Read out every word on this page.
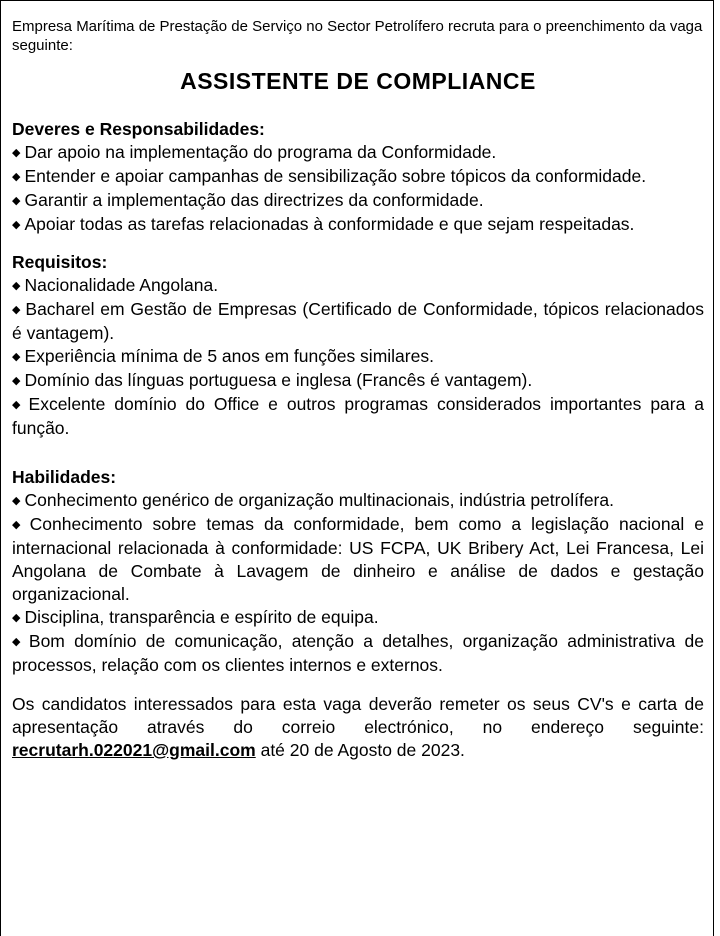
Empresa Marítima de Prestação de Serviço no Sector Petrolífero recruta para o preenchimento da vaga seguinte:

ASSISTENTE DE COMPLIANCE
Deveres e Responsabilidades:
◆ Dar apoio na implementação do programa da Conformidade.
◆ Entender e apoiar campanhas de sensibilização sobre tópicos da conformidade.
◆ Garantir a implementação das directrizes da conformidade.
◆ Apoiar todas as tarefas relacionadas à conformidade e que sejam respeitadas.
Requisitos:
◆ Nacionalidade Angolana.
◆ Bacharel em Gestão de Empresas (Certificado de Conformidade, tópicos relacionados é vantagem).
◆ Experiência mínima de 5 anos em funções similares.
◆ Domínio das línguas portuguesa e inglesa (Francês é vantagem).
◆ Excelente domínio do Office e outros programas considerados importantes para a função.
Habilidades:
◆ Conhecimento genérico de organização multinacionais, indústria petrolífera.
◆ Conhecimento sobre temas da conformidade, bem como a legislação nacional e internacional relacionada à conformidade: US FCPA, UK Bribery Act, Lei Francesa, Lei Angolana de Combate à Lavagem de dinheiro e análise de dados e gestação organizacional.
◆ Disciplina, transparência e espírito de equipa.
◆ Bom domínio de comunicação, atenção a detalhes, organização administrativa de processos, relação com os clientes internos e externos.
Os candidatos interessados para esta vaga deverão remeter os seus CV's e carta de apresentação através do correio electrónico, no endereço seguinte: recrutarh.022021@gmail.com até 20 de Agosto de 2023.
